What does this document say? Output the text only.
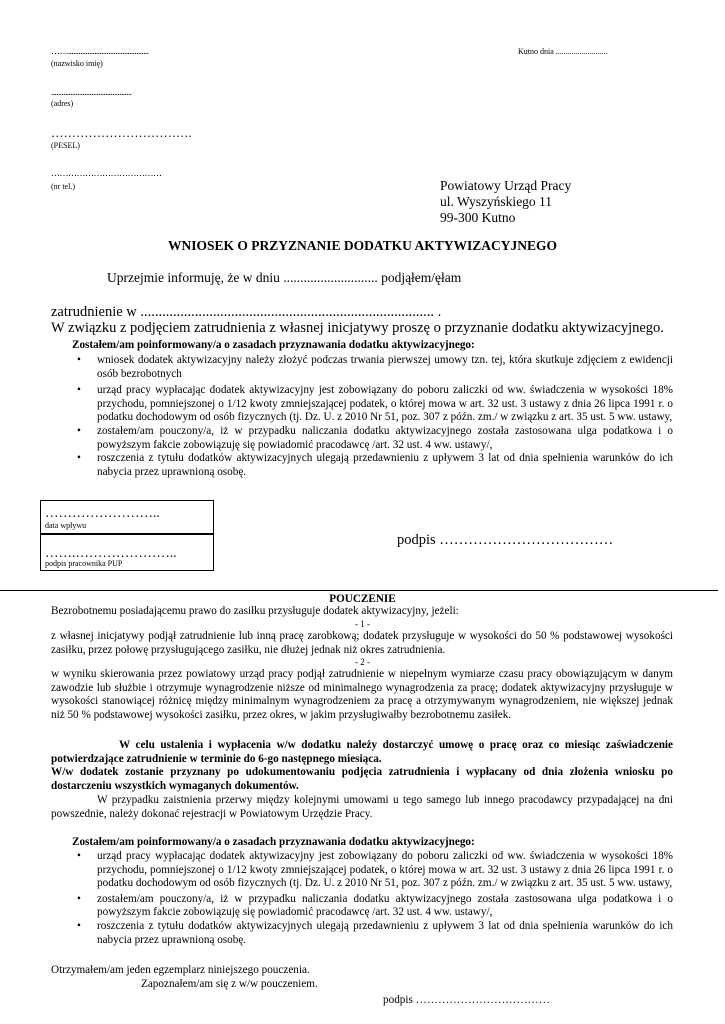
……..............................................
(nazwisko imię)
..............................................
(adres)
…………………………….
(PESEL)
…………………………………
(nr tel.)
Kutno dnia ..........................
Powiatowy Urząd Pracy
ul. Wyszyńskiego 11
99-300 Kutno
WNIOSEK O PRZYZNANIE DODATKU AKTYWIZACYJNEGO
Uprzejmie informuję, że w dniu ............................ podjąłem/ęłam
zatrudnienie w ................................................................................. .
W związku z podjęciem zatrudnienia z własnej inicjatywy proszę o przyznanie dodatku aktywizacyjnego.
Zostałem/am poinformowany/a o zasadach przyznawania dodatku aktywizacyjnego:
• wniosek dodatek aktywizacyjny należy złożyć podczas trwania pierwszej umowy tzn. tej, która skutkuje zdjęciem z ewidencji osób bezrobotnych
• urząd pracy wypłacając dodatek aktywizacyjny jest zobowiązany do poboru zaliczki od ww. świadczenia w wysokości 18% przychodu, pomniejszonej o 1/12 kwoty zmniejszającej podatek, o której mowa w art. 32 ust. 3 ustawy z dnia 26 lipca 1991 r. o podatku dochodowym od osób fizycznych (tj. Dz. U. z 2010 Nr 51, poz. 307 z późn. zm./ w związku z art. 35 ust. 5 ww. ustawy,
• zostałem/am pouczony/a, iż w przypadku naliczania dodatku aktywizacyjnego została zastosowana ulga podatkowa i o powyższym fakcie zobowiązuję się powiadomić pracodawcę /art. 32 ust. 4 ww. ustawy/,
• roszczenia z tytułu dodatków aktywizacyjnych ulegają przedawnieniu z upływem 3 lat od dnia spełnienia warunków do ich nabycia przez uprawnioną osobę.
……………………..
data wpływu
…….…………………..
podpis pracownika PUP
podpis ………………………………
POUCZENIE
Bezrobotnemu posiadającemu prawo do zasiłku przysługuje dodatek aktywizacyjny, jeżeli:
- 1 -
z własnej inicjatywy podjął zatrudnienie lub inną pracę zarobkową; dodatek przysługuje w wysokości do 50 % podstawowej wysokości zasiłku, przez połowę przysługującego zasiłku, nie dłużej jednak niż okres zatrudnienia.
- 2 -
w wyniku skierowania przez powiatowy urząd pracy podjął zatrudnienie w niepełnym wymiarze czasu pracy obowiązującym w danym zawodzie lub służbie i otrzymuje wynagrodzenie niższe od minimalnego wynagrodzenia za pracę; dodatek aktywizacyjny przysługuje w wysokości stanowiącej różnicę między minimalnym wynagrodzeniem za pracę a otrzymywanym wynagrodzeniem, nie większej jednak niż 50 % podstawowej wysokości zasiłku, przez okres, w jakim przysługiwałby bezrobotnemu zasiłek.
W celu ustalenia i wypłacenia w/w dodatku należy dostarczyć umowę o pracę oraz co miesiąc zaświadczenie potwierdzające zatrudnienie w terminie do 6-go następnego miesiąca.
W/w dodatek zostanie przyznany po udokumentowaniu podjęcia zatrudnienia i wypłacany od dnia złożenia wniosku po dostarczeniu wszystkich wymaganych dokumentów.
W przypadku zaistnienia przerwy między kolejnymi umowami u tego samego lub innego pracodawcy przypadającej na dni powszednie, należy dokonać rejestracji w Powiatowym Urzędzie Pracy.
Zostałem/am poinformowany/a o zasadach przyznawania dodatku aktywizacyjnego:
• urząd pracy wypłacając dodatek aktywizacyjny jest zobowiązany do poboru zaliczki od ww. świadczenia w wysokości 18% przychodu, pomniejszonej o 1/12 kwoty zmniejszającej podatek, o której mowa w art. 32 ust. 3 ustawy z dnia 26 lipca 1991 r. o podatku dochodowym od osób fizycznych (tj. Dz. U. z 2010 Nr 51, poz. 307 z późn. zm./ w związku z art. 35 ust. 5 ww. ustawy,
• zostałem/am pouczony/a, iż w przypadku naliczania dodatku aktywizacyjnego została zastosowana ulga podatkowa i o powyższym fakcie zobowiązuję się powiadomić pracodawcę /art. 32 ust. 4 ww. ustawy/,
• roszczenia z tytułu dodatków aktywizacyjnych ulegają przedawnieniu z upływem 3 lat od dnia spełnienia warunków do ich nabycia przez uprawnioną osobę.
Otrzymałem/am jeden egzemplarz niniejszego pouczenia.
Zapoznałem/am się z w/w pouczeniem.
podpis ………………………………
